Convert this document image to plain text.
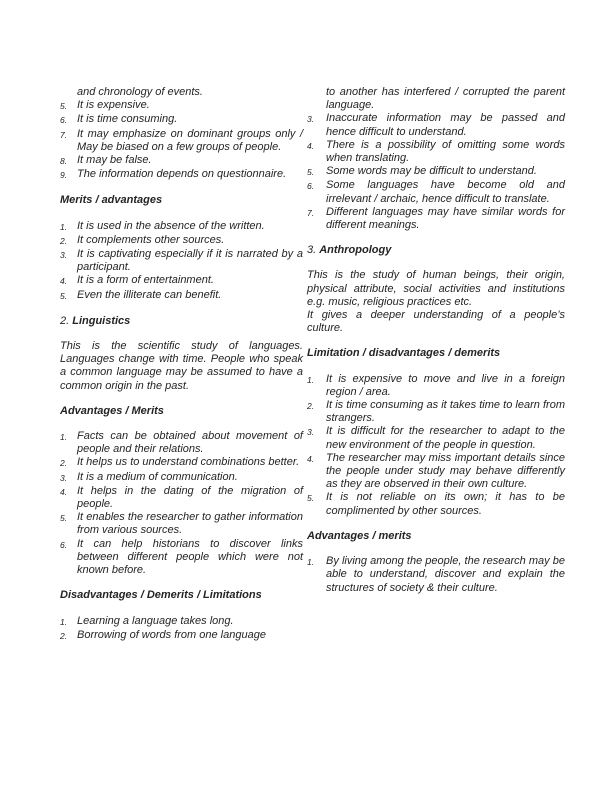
and chronology of events.
5. It is expensive.
6. It is time consuming.
7. It may emphasize on dominant groups only / May be biased on a few groups of people.
8. It may be false.
9. The information depends on questionnaire.
Merits / advantages
1. It is used in the absence of the written.
2. It complements other sources.
3. It is captivating especially if it is narrated by a participant.
4. It is a form of entertainment.
5. Even the illiterate can benefit.
2. Linguistics
This is the scientific study of languages. Languages change with time. People who speak a common language may be assumed to have a common origin in the past.
Advantages / Merits
1. Facts can be obtained about movement of people and their relations.
2. It helps us to understand combinations better.
3. It is a medium of communication.
4. It helps in the dating of the migration of people.
5. It enables the researcher to gather information from various sources.
6. It can help historians to discover links between different people which were not known before.
Disadvantages / Demerits / Limitations
1. Learning a language takes long.
2. Borrowing of words from one language
to another has interfered / corrupted the parent language.
3.	Inaccurate information may be passed and hence difficult to understand.
4.	There is a possibility of omitting some words when translating.
5.	Some words may be difficult to understand.
6.	Some languages have become old and irrelevant / archaic, hence difficult to translate.
7.	Different languages may have similar words for different meanings.
3. Anthropology
This is the study of human beings, their origin, physical attribute, social activities and institutions e.g. music, religious practices etc.
It gives a deeper understanding of a people’s culture.
Limitation / disadvantages / demerits
1.	It is expensive to move and live in a foreign region / area.
2.	It is time consuming as it takes time to learn from strangers.
3.	It is difficult for the researcher to adapt to the new environment of the people in question.
4.	The researcher may miss important details since the people under study may behave differently as they are observed in their own culture.
5.	It is not reliable on its own; it has to be complimented by other sources.
Advantages / merits
1.	By living among the people, the research may be able to understand, discover and explain the structures of society & their culture.
